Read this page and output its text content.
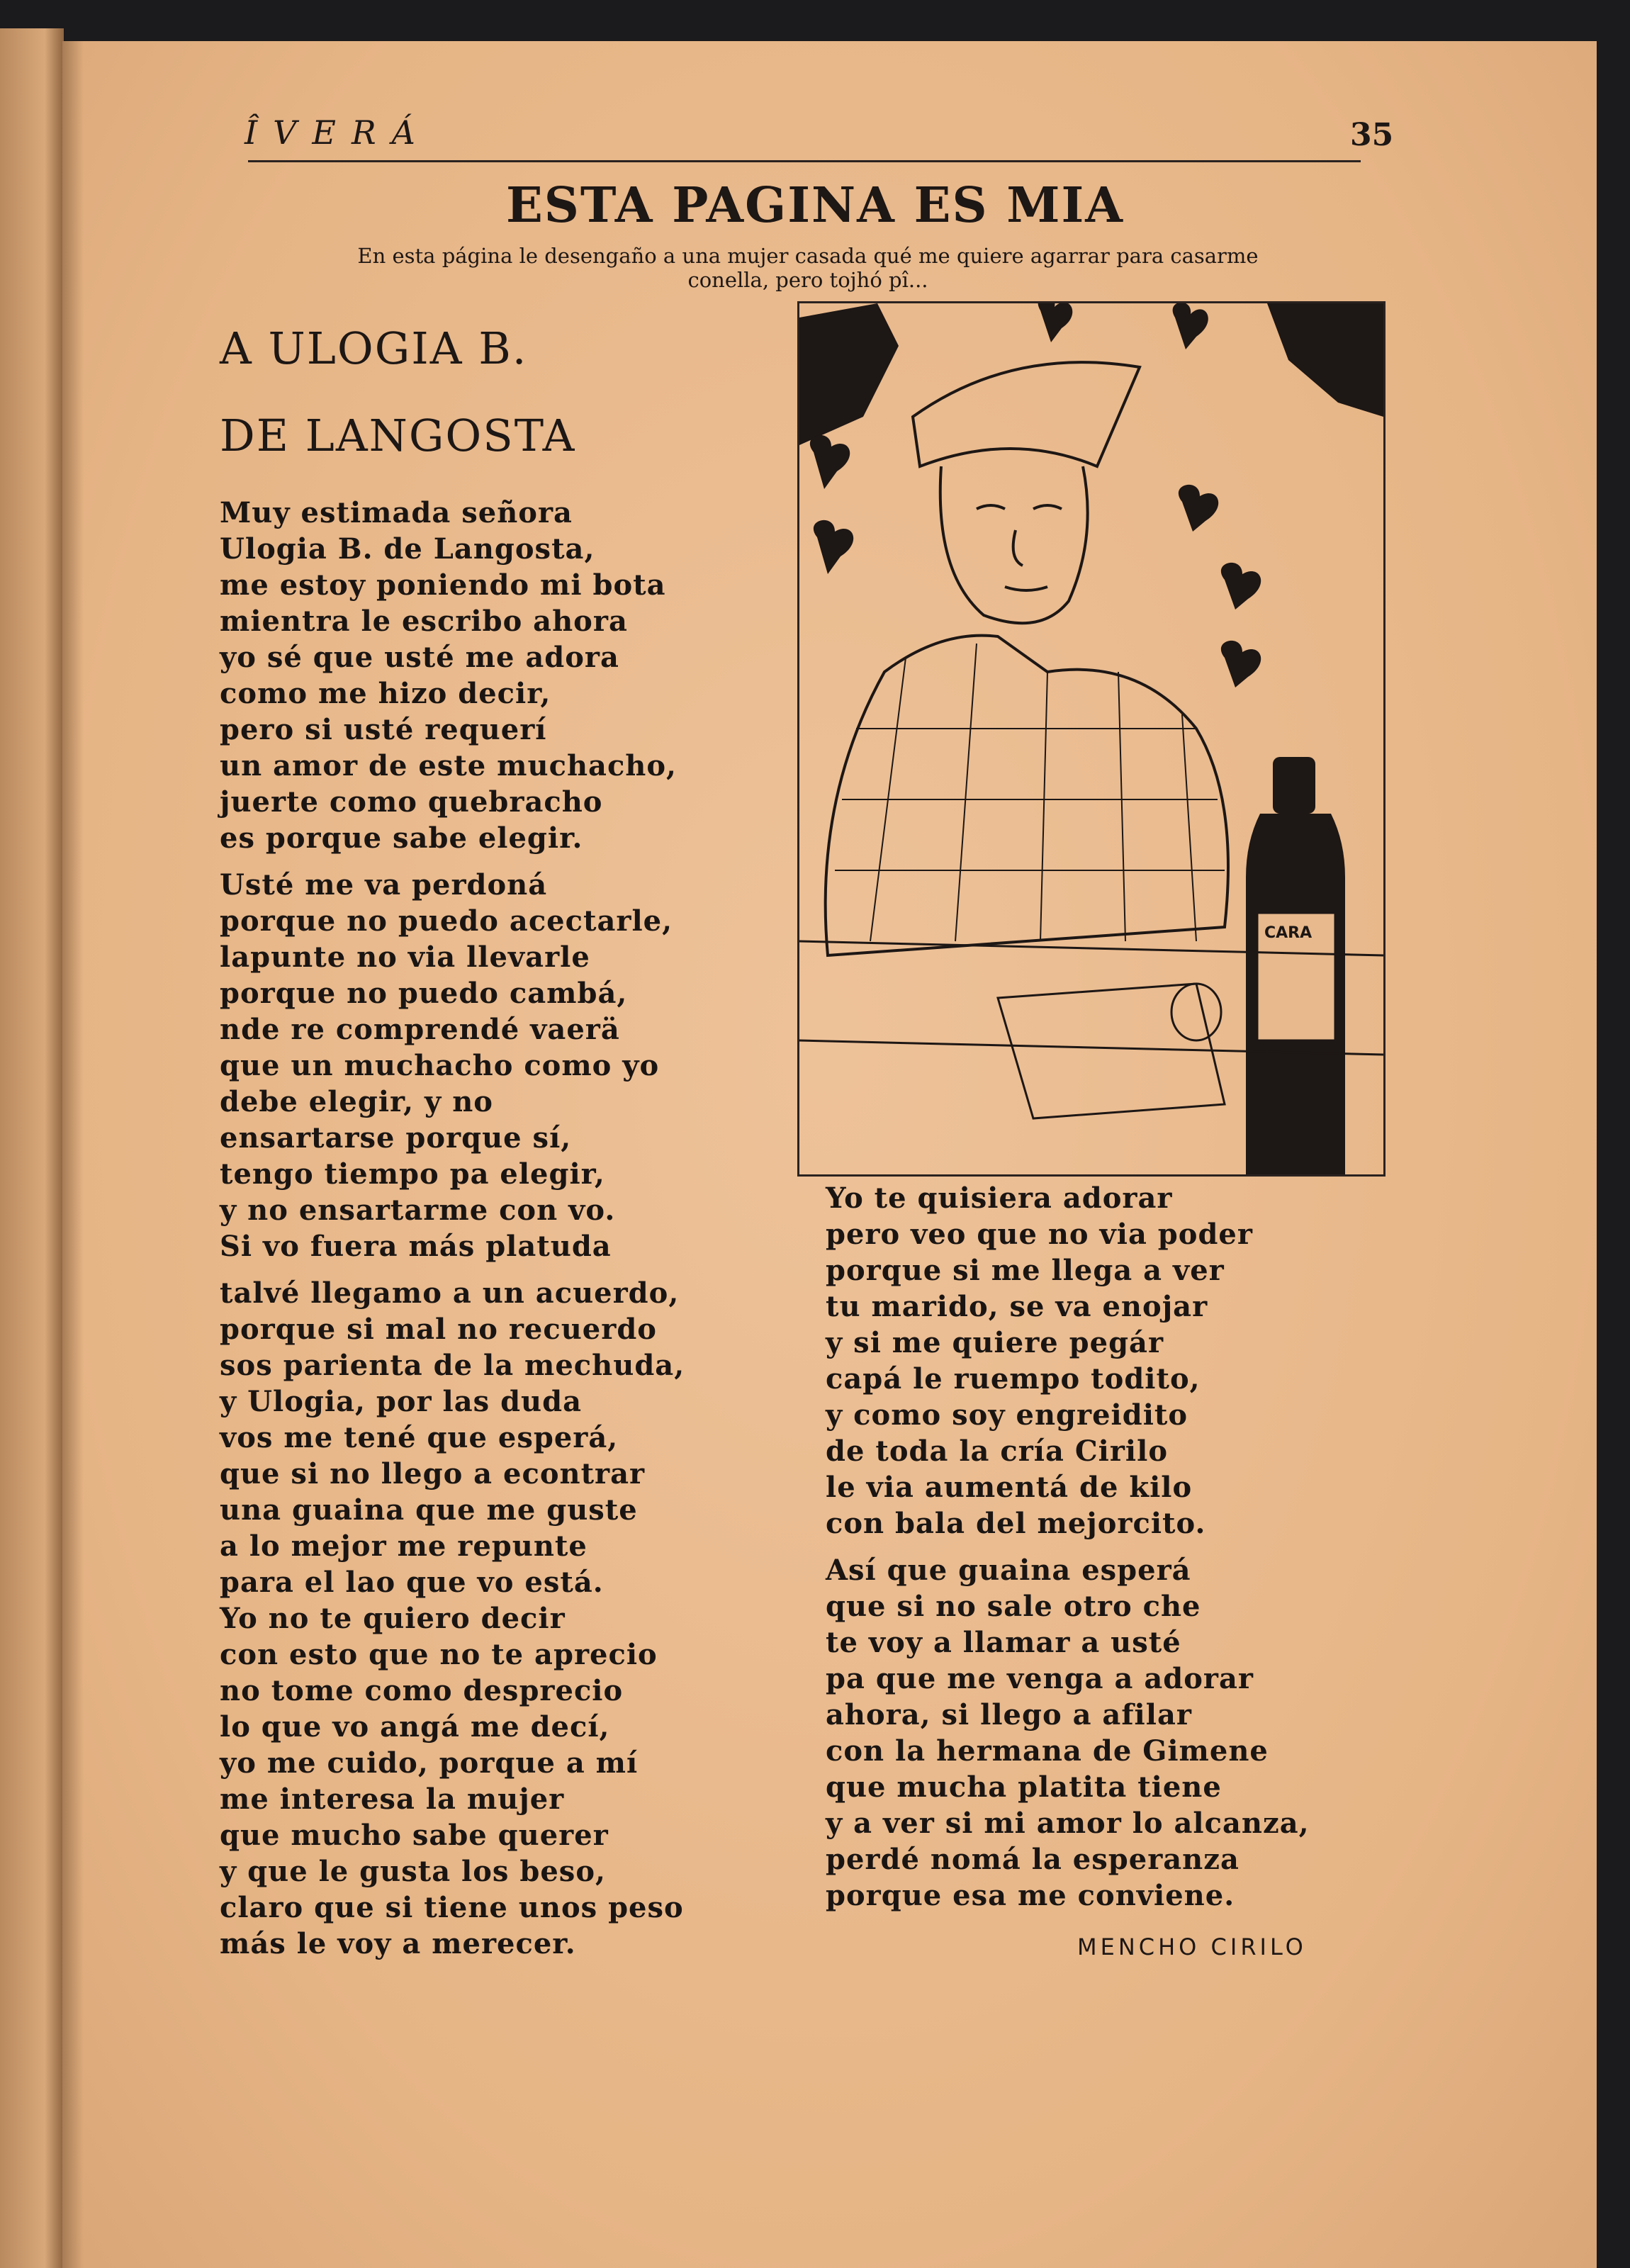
ÎVERÁ	35
ESTA PAGINA ES MIA
En esta página le desengaño a una mujer casada qué me quiere agarrar para casarme
conella, pero tojhó pî...
A ULOGIA B.
DE LANGOSTA
Muy estimada señora
Ulogia B. de Langosta,
me estoy poniendo mi bota
mientra le escribo ahora
yo sé que usté me adora
como me hizo decir,
pero si usté requerí
un amor de este muchacho,
juerte como quebracho
es porque sabe elegir.
Usté me va perdoná
porque no puedo acectarle,
lapunte no via llevarle
porque no puedo cambá,
nde re comprendé vaerä
que un muchacho como yo
debe elegir, y no
ensartarse porque sí,
tengo tiempo pa elegir,
y no ensartarme con vo.
Si vo fuera más platuda
talvé llegamo a un acuerdo,
porque si mal no recuerdo
sos parienta de la mechuda,
y Ulogia, por las duda
vos me tené que esperá,
que si no llego a econtrar
una guaina que me guste
a lo mejor me repunte
para el lao que vo está.
Yo no te quiero decir
con esto que no te aprecio
no tome como desprecio
lo que vo angá me decí,
yo me cuido, porque a mí
me interesa la mujer
que mucho sabe querer
y que le gusta los beso,
claro que si tiene unos peso
más le voy a merecer.
Yo te quisiera adorar
pero veo que no via poder
porque si me llega a ver
tu marido, se va enojar
y si me quiere pegár
capá le ruempo todito,
y como soy engreidito
de toda la cría Cirilo
le via aumentá de kilo
con bala del mejorcito.
Así que guaina esperá
que si no sale otro che
te voy a llamar a usté
pa que me venga a adorar
ahora, si llego a afilar
con la hermana de Gimene
que mucha platita tiene
y a ver si mi amor lo alcanza,
perdé nomá la esperanza
porque esa me conviene.
MENCHO CIRILO
CARA
